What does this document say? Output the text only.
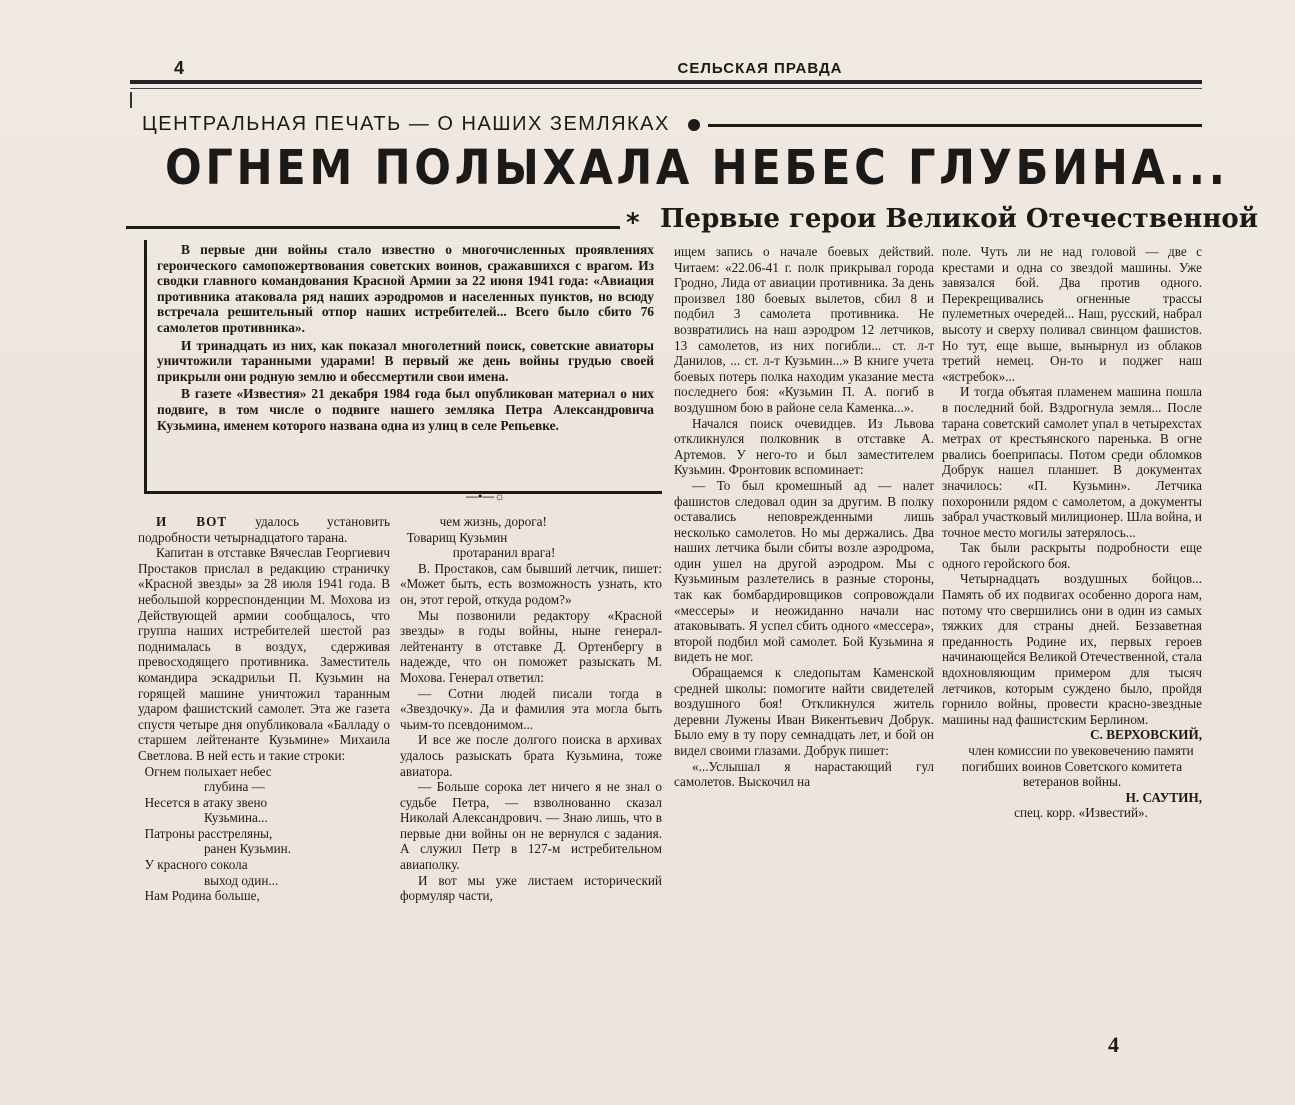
4	СЕЛЬСКАЯ ПРАВДА
ЦЕНТРАЛЬНАЯ ПЕЧАТЬ — О НАШИХ ЗЕМЛЯКАХ
ОГНЕМ ПОЛЫХАЛА НЕБЕС ГЛУБИНА...
* Первые герои Великой Отечественной

В первые дни войны стало известно о многочисленных проявлениях героического самопожертвования советских воинов, сражавшихся с врагом. Из сводки главного командования Красной Армии за 22 июня 1941 года: «Авиация противника атаковала ряд наших аэродромов и населенных пунктов, но всюду встречала решительный отпор наших истребителей... Всего было сбито 76 самолетов противника».

И тринадцать из них, как показал многолетний поиск, советские авиаторы уничтожили таранными ударами! В первый же день войны грудью своей прикрыли они родную землю и обессмертили свои имена.

В газете «Известия» 21 декабря 1984 года был опубликован материал о них подвиге, в том числе о подвиге нашего земляка Петра Александровича Кузьмина, именем которого названа одна из улиц в селе Репьевке.

—•—☼

И ВОТ удалось установить подробности четырнадцатого тарана.

Капитан в отставке Вячеслав Георгиевич Простаков прислал в редакцию страничку «Красной звезды» за 28 июля 1941 года. В небольшой корреспонденции М. Мохова из Действующей армии сообщалось, что группа наших истребителей шестой раз поднималась в воздух, сдерживая превосходящего противника. Заместитель командира эскадрильи П. Кузьмин на горящей машине уничтожил таранным ударом фашистский самолет. Эта же газета спустя четыре дня опубликовала «Балладу о старшем лейтенанте Кузьмине» Михаила Светлова. В ней есть и такие строки:

Огнем полыхает небес
глубина —
Несется в атаку звено
Кузьмина...
Патроны расстреляны,
ранен Кузьмин.
У красного сокола
выход один...
Нам Родина больше,
чем жизнь, дорога!
Товарищ Кузьмин
протаранил врага!

В. Простаков, сам бывший летчик, пишет: «Может быть, есть возможность узнать, кто он, этот герой, откуда родом?»

Мы позвонили редактору «Красной звезды» в годы войны, ныне генерал-лейтенанту в отставке Д. Ортенбергу в надежде, что он поможет разыскать М. Мохова. Генерал ответил:

— Сотни людей писали тогда в «Звездочку». Да и фамилия эта могла быть чьим-то псевдонимом...

И все же после долгого поиска в архивах удалось разыскать брата Кузьмина, тоже авиатора.

— Больше сорока лет ничего я не знал о судьбе Петра, — взволнованно сказал Николай Александрович. — Знаю лишь, что в первые дни войны он не вернулся с задания. А служил Петр в 127-м истребительном авиаполку.

И вот мы уже листаем исторический формуляр части,

ищем запись о начале боевых действий. Читаем: «22.06-41 г. полк прикрывал города Гродно, Лида от авиации противника. За день произвел 180 боевых вылетов, сбил 8 и подбил 3 самолета противника. Не возвратились на наш аэродром 12 летчиков, 13 самолетов, из них погибли... ст. л-т Данилов, ... ст. л-т Кузьмин...» В книге учета боевых потерь полка находим указание места последнего боя: «Кузьмин П. А. погиб в воздушном бою в районе села Каменка...».

Начался поиск очевидцев. Из Львова откликнулся полковник в отставке А. Артемов. У него-то и был заместителем Кузьмин. Фронтовик вспоминает:

— То был кромешный ад — налет фашистов следовал один за другим. В полку оставались неповрежденными лишь несколько самолетов. Но мы держались. Два наших летчика были сбиты возле аэродрома, один ушел на другой аэродром. Мы с Кузьминым разлетелись в разные стороны, так как бомбардировщиков сопровождали «мессеры» и неожиданно начали нас атаковывать. Я успел сбить одного «мессера», второй подбил мой самолет. Бой Кузьмина я видеть не мог.

Обращаемся к следопытам Каменской средней школы: помогите найти свидетелей воздушного боя! Откликнулся житель деревни Лужены Иван Викентьевич Добрук. Было ему в ту пору семнадцать лет, и бой он видел своими глазами. Добрук пишет:

«...Услышал я нарастающий гул самолетов. Выскочил на

поле. Чуть ли не над головой — две с крестами и одна со звездой машины. Уже завязался бой. Два против одного. Перекрещивались огненные трассы пулеметных очередей... Наш, русский, набрал высоту и сверху поливал свинцом фашистов. Но тут, еще выше, вынырнул из облаков третий немец. Он-то и поджег наш «ястребок»...

И тогда объятая пламенем машина пошла в последний бой. Вздрогнула земля... После тарана советский самолет упал в четырехстах метрах от крестьянского паренька. В огне рвались боеприпасы. Потом среди обломков Добрук нашел планшет. В документах значилось: «П. Кузьмин». Летчика похоронили рядом с самолетом, а документы забрал участковый милиционер. Шла война, и точное место могилы затерялось...

Так были раскрыты подробности еще одного геройского боя.

Четырнадцать воздушных бойцов... Память об их подвигах особенно дорога нам, потому что свершились они в один из самых тяжких для страны дней. Беззаветная преданность Родине их, первых героев начинающейся Великой Отечественной, стала вдохновляющим примером для тысяч летчиков, которым суждено было, пройдя горнило войны, провести красно-звездные машины над фашистским Берлином.

С. ВЕРХОВСКИЙ,

член комиссии по увековечению памяти погибших воинов Советского комитета ветеранов войны.

Н. САУТИН,

спец. корр. «Известий».

4
